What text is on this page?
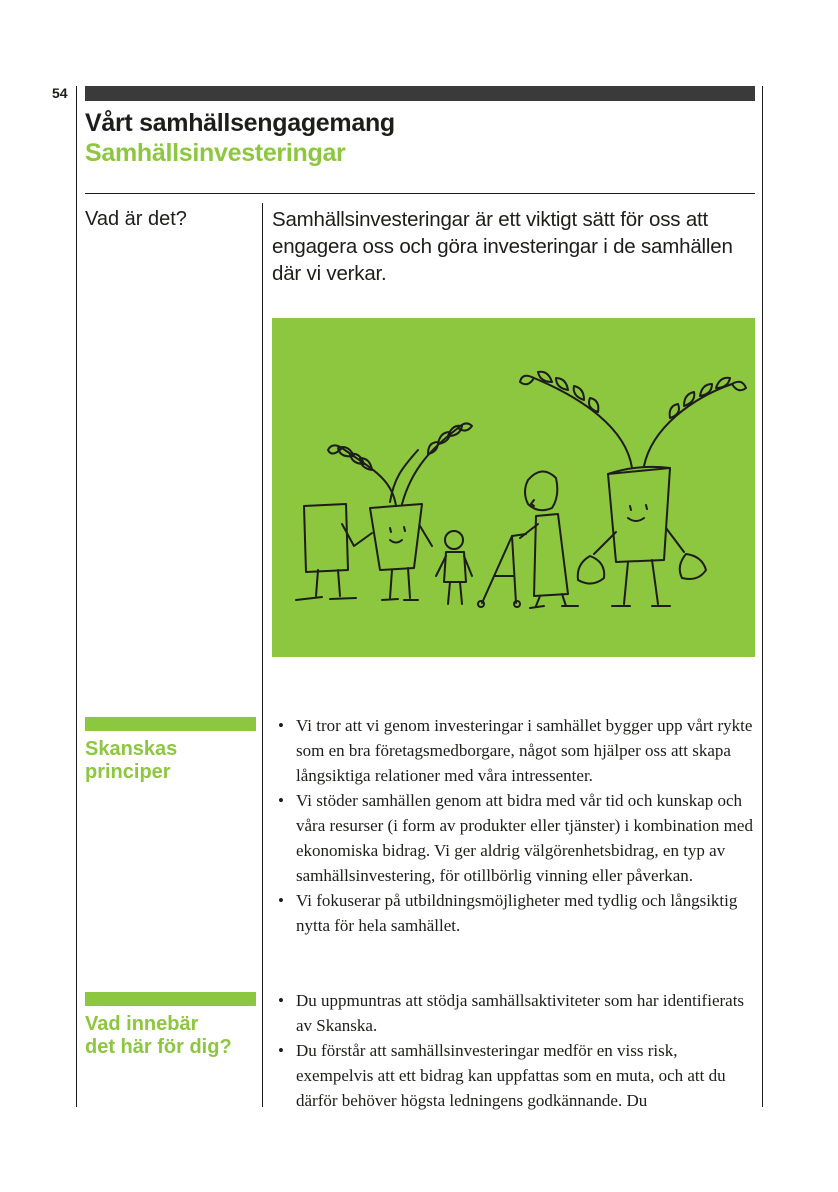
54
Vårt samhällsengagemang
Samhällsinvesteringar
Vad är det?	Samhällsinvesteringar är ett viktigt sätt för oss att engagera oss och göra investeringar i de samhällen där vi verkar.
Skanskas
principer
• Vi tror att vi genom investeringar i samhället bygger upp vårt rykte som en bra företagsmedborgare, något som hjälper oss att skapa långsiktiga relationer med våra intressenter.
• Vi stöder samhällen genom att bidra med vår tid och kunskap och våra resurser (i form av produkter eller tjänster) i kombination med ekonomiska bidrag. Vi ger aldrig välgörenhetsbidrag, en typ av samhällsinvestering, för otillbörlig vinning eller påverkan.
• Vi fokuserar på utbildningsmöjligheter med tydlig och långsiktig nytta för hela samhället.
Vad innebär
det här för dig?
• Du uppmuntras att stödja samhällsaktiviteter som har identifierats av Skanska.
• Du förstår att samhällsinvesteringar medför en viss risk, exempelvis att ett bidrag kan uppfattas som en muta, och att du därför behöver högsta ledningens godkännande. Du
